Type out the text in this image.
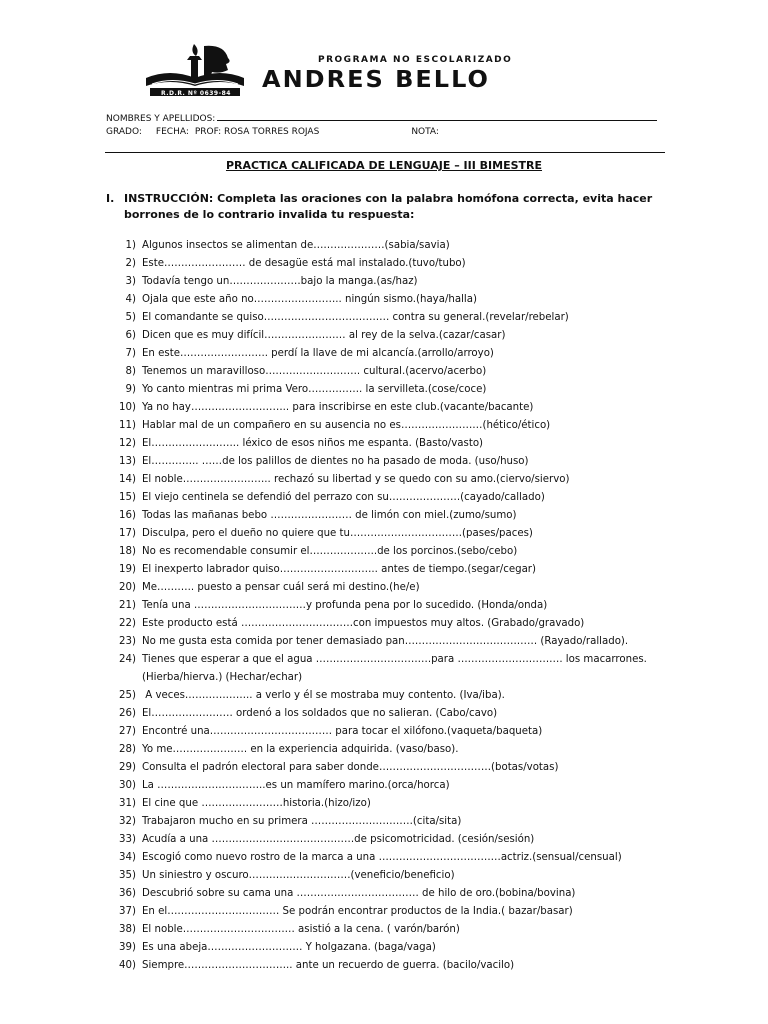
R.D.R. Nº 0639-84
PROGRAMA NO ESCOLARIZADO
ANDRES BELLO
NOMBRES Y APELLIDOS:
GRADO: FECHA: PROF: ROSA TORRES ROJAS	NOTA:
PRACTICA CALIFICADA DE LENGUAJE – III BIMESTRE
I. INSTRUCCIÓN: Completa las oraciones con la palabra homófona correcta, evita hacer borrones de lo contrario invalida tu respuesta:
1) Algunos insectos se alimentan de…………………(sabia/savia)
2) Este…………………… de desagüe está mal instalado.(tuvo/tubo)
3) Todavía tengo un…………………bajo la manga.(as/haz)
4) Ojala que este año no…………………….. ningún sismo.(haya/halla)
5) El comandante se quiso………………………………. contra su general.(revelar/rebelar)
6) Dicen que es muy difícil…………………… al rey de la selva.(cazar/casar)
7) En este…………………….. perdí la llave de mi alcancía.(arrollo/arroyo)
8) Tenemos un maravilloso………………………. cultural.(acervo/acerbo)
9) Yo canto mientras mi prima Vero……………. la servilleta.(cose/coce)
10) Ya no hay……………………….. para inscribirse en este club.(vacante/bacante)
11) Hablar mal de un compañero en su ausencia no es……………………(hético/ético)
12) El…………………….. léxico de esos niños me espanta. (Basto/vasto)
13) El………….. ……de los palillos de dientes no ha pasado de moda. (uso/huso)
14) El noble…………………….. rechazó su libertad y se quedo con su amo.(ciervo/siervo)
15) El viejo centinela se defendió del perrazo con su…………………(cayado/callado)
16) Todas las mañanas bebo …………………… de limón con miel.(zumo/sumo)
17) Disculpa, pero el dueño no quiere que tu……………………………(pases/paces)
18) No es recomendable consumir el………………..de los porcinos.(sebo/cebo)
19) El inexperto labrador quiso……………………….. antes de tiempo.(segar/cegar)
20) Me……….. puesto a pensar cuál será mi destino.(he/e)
21) Tenía una ……………………………y profunda pena por lo sucedido. (Honda/onda)
22) Este producto está ……………………………con impuestos muy altos. (Grabado/gravado)
23) No me gusta esta comida por tener demasiado pan………………………………… (Rayado/rallado).
24) Tienes que esperar a que el agua …………………………….para …………………………. los macarrones.
(Hierba/hierva.) (Hechar/echar)
25) A veces……………….. a verlo y él se mostraba muy contento. (Iva/iba).
26) El…………………… ordenó a los soldados que no salieran. (Cabo/cavo)
27) Encontré una……………………………… para tocar el xilófono.(vaqueta/baqueta)
28) Yo me…………………. en la experiencia adquirida. (vaso/baso).
29) Consulta el padrón electoral para saber donde……………………………(botas/votas)
30) La …………………………..es un mamífero marino.(orca/horca)
31) El cine que ……………………historia.(hizo/izo)
32) Trabajaron mucho en su primera …………………………(cita/sita)
33) Acudía a una ……………………………………de psicomotricidad. (cesión/sesión)
34) Escogió como nuevo rostro de la marca a una ………………………………actriz.(sensual/censual)
35) Un siniestro y oscuro…………………………(veneficio/beneficio)
36) Descubrió sobre su cama una ……………………………… de hilo de oro.(bobina/bovina)
37) En el…………………………… Se podrán encontrar productos de la India.( bazar/basar)
38) El noble…………………………… asistió a la cena. ( varón/barón)
39) Es una abeja………………………. Y holgazana. (baga/vaga)
40) Siempre………………………….. ante un recuerdo de guerra. (bacilo/vacilo)
